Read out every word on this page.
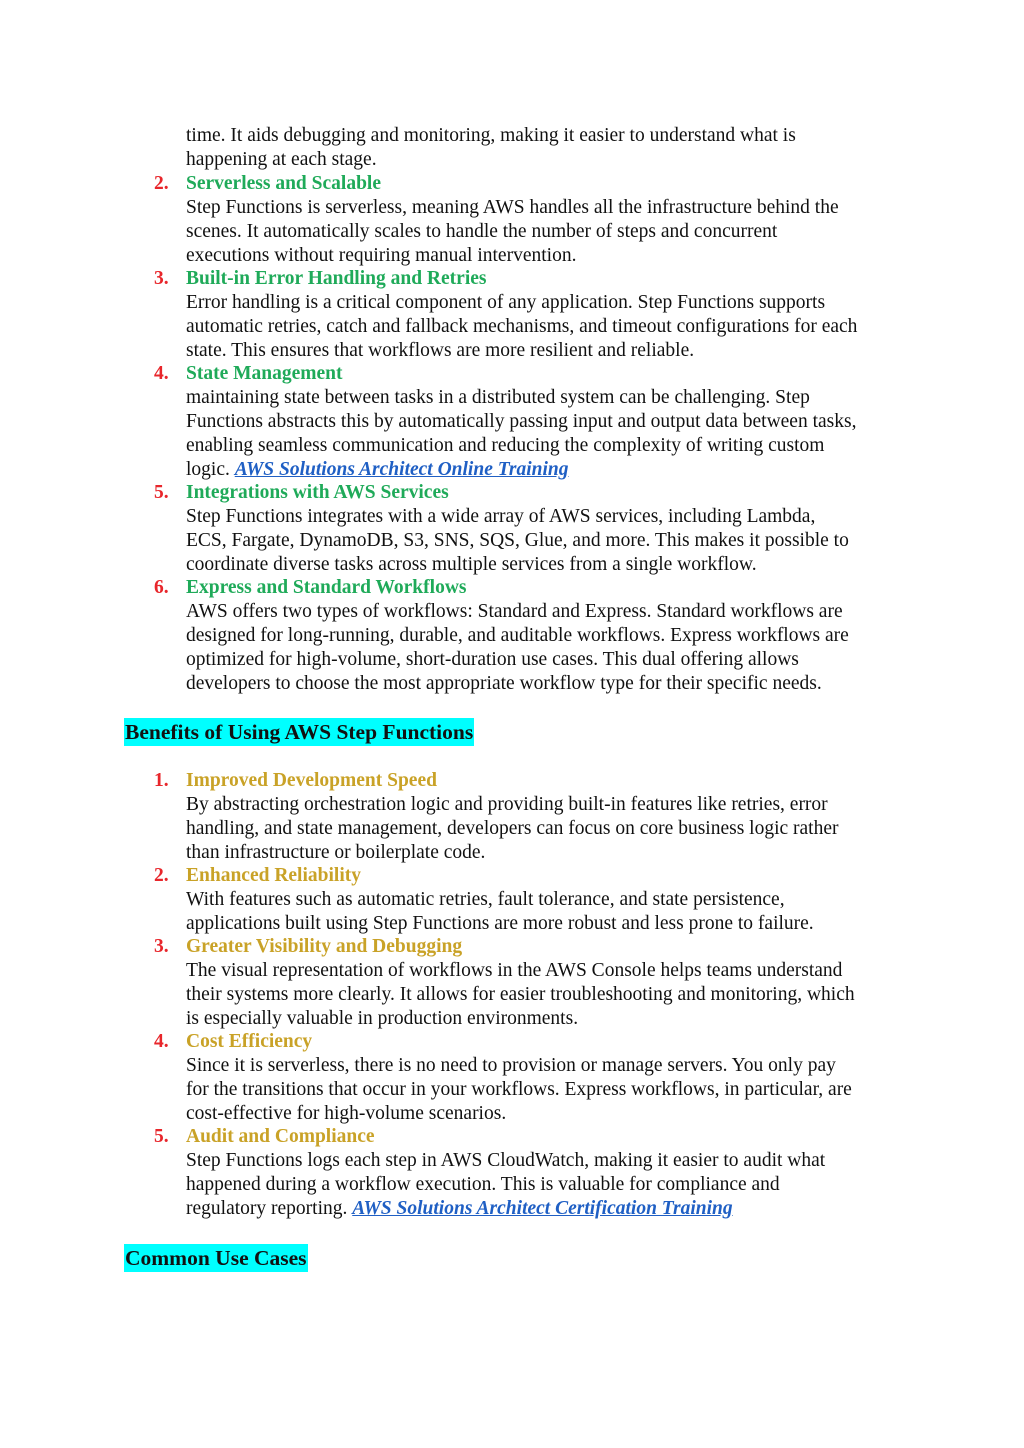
time. It aids debugging and monitoring, making it easier to understand what is
happening at each stage.
2. Serverless and Scalable
Step Functions is serverless, meaning AWS handles all the infrastructure behind the
scenes. It automatically scales to handle the number of steps and concurrent
executions without requiring manual intervention.
3. Built-in Error Handling and Retries
Error handling is a critical component of any application. Step Functions supports
automatic retries, catch and fallback mechanisms, and timeout configurations for each
state. This ensures that workflows are more resilient and reliable.
4. State Management
maintaining state between tasks in a distributed system can be challenging. Step
Functions abstracts this by automatically passing input and output data between tasks,
enabling seamless communication and reducing the complexity of writing custom
logic. AWS Solutions Architect Online Training
5. Integrations with AWS Services
Step Functions integrates with a wide array of AWS services, including Lambda,
ECS, Fargate, DynamoDB, S3, SNS, SQS, Glue, and more. This makes it possible to
coordinate diverse tasks across multiple services from a single workflow.
6. Express and Standard Workflows
AWS offers two types of workflows: Standard and Express. Standard workflows are
designed for long-running, durable, and auditable workflows. Express workflows are
optimized for high-volume, short-duration use cases. This dual offering allows
developers to choose the most appropriate workflow type for their specific needs.
Benefits of Using AWS Step Functions
1. Improved Development Speed
By abstracting orchestration logic and providing built-in features like retries, error
handling, and state management, developers can focus on core business logic rather
than infrastructure or boilerplate code.
2. Enhanced Reliability
With features such as automatic retries, fault tolerance, and state persistence,
applications built using Step Functions are more robust and less prone to failure.
3. Greater Visibility and Debugging
The visual representation of workflows in the AWS Console helps teams understand
their systems more clearly. It allows for easier troubleshooting and monitoring, which
is especially valuable in production environments.
4. Cost Efficiency
Since it is serverless, there is no need to provision or manage servers. You only pay
for the transitions that occur in your workflows. Express workflows, in particular, are
cost-effective for high-volume scenarios.
5. Audit and Compliance
Step Functions logs each step in AWS CloudWatch, making it easier to audit what
happened during a workflow execution. This is valuable for compliance and
regulatory reporting. AWS Solutions Architect Certification Training
Common Use Cases
